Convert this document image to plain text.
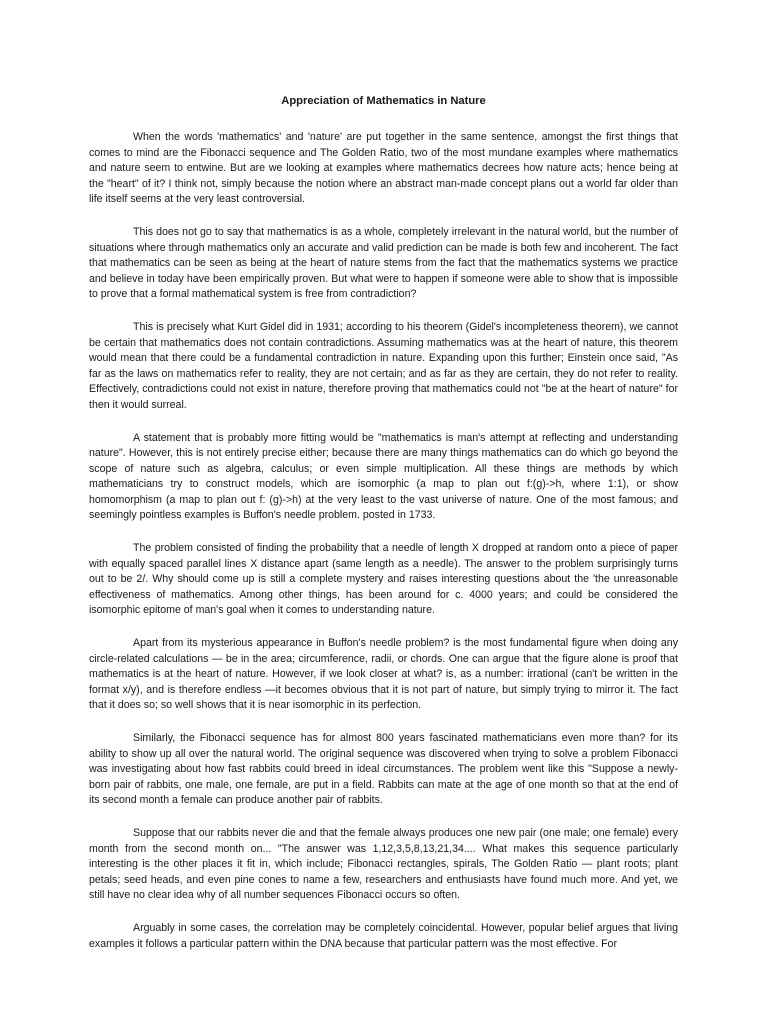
Appreciation of Mathematics in Nature

When the words 'mathematics' and 'nature' are put together in the same sentence, amongst the first things that comes to mind are the Fibonacci sequence and The Golden Ratio, two of the most mundane examples where mathematics and nature seem to entwine. But are we looking at examples where mathematics decrees how nature acts; hence being at the "heart" of it? I think not, simply because the notion where an abstract man-made concept plans out a world far older than life itself seems at the very least controversial.

This does not go to say that mathematics is as a whole, completely irrelevant in the natural world, but the number of situations where through mathematics only an accurate and valid prediction can be made is both few and incoherent. The fact that mathematics can be seen as being at the heart of nature stems from the fact that the mathematics systems we practice and believe in today have been empirically proven. But what were to happen if someone were able to show that is impossible to prove that a formal mathematical system is free from contradiction?

This is precisely what Kurt Gidel did in 1931; according to his theorem (Gidel's incompleteness theorem), we cannot be certain that mathematics does not contain contradictions. Assuming mathematics was at the heart of nature, this theorem would mean that there could be a fundamental contradiction in nature. Expanding upon this further; Einstein once said, "As far as the laws on mathematics refer to reality, they are not certain; and as far as they are certain, they do not refer to reality. Effectively, contradictions could not exist in nature, therefore proving that mathematics could not "be at the heart of nature" for then it would surreal.

A statement that is probably more fitting would be "mathematics is man's attempt at reflecting and understanding nature". However, this is not entirely precise either; because there are many things mathematics can do which go beyond the scope of nature such as algebra, calculus; or even simple multiplication. All these things are methods by which mathematicians try to construct models, which are isomorphic (a map to plan out f:(g)->h, where 1:1), or show homomorphism (a map to plan out f: (g)->h) at the very least to the vast universe of nature. One of the most famous; and seemingly pointless examples is Buffon's needle problem. posted in 1733.

The problem consisted of finding the probability that a needle of length X dropped at random onto a piece of paper with equally spaced parallel lines X distance apart (same length as a needle). The answer to the problem surprisingly turns out to be 2/. Why should come up is still a complete mystery and raises interesting questions about the 'the unreasonable effectiveness of mathematics. Among other things, has been around for c. 4000 years; and could be considered the isomorphic epitome of man's goal when it comes to understanding nature.

Apart from its mysterious appearance in Buffon's needle problem? is the most fundamental figure when doing any circle-related calculations — be in the area; circumference, radii, or chords. One can argue that the figure alone is proof that mathematics is at the heart of nature. However, if we look closer at what? is, as a number: irrational (can't be written in the format x/y), and is therefore endless —it becomes obvious that it is not part of nature, but simply trying to mirror it. The fact that it does so; so well shows that it is near isomorphic in its perfection.

Similarly, the Fibonacci sequence has for almost 800 years fascinated mathematicians even more than? for its ability to show up all over the natural world. The original sequence was discovered when trying to solve a problem Fibonacci was investigating about how fast rabbits could breed in ideal circumstances. The problem went like this "Suppose a newly-born pair of rabbits, one male, one female, are put in a field. Rabbits can mate at the age of one month so that at the end of its second month a female can produce another pair of rabbits.

Suppose that our rabbits never die and that the female always produces one new pair (one male; one female) every month from the second month on... "The answer was 1,12,3,5,8,13,21,34.... What makes this sequence particularly interesting is the other places it fit in, which include; Fibonacci rectangles, spirals, The Golden Ratio — plant roots; plant petals; seed heads, and even pine cones to name a few, researchers and enthusiasts have found much more. And yet, we still have no clear idea why of all number sequences Fibonacci occurs so often.

Arguably in some cases, the correlation may be completely coincidental. However, popular belief argues that living examples it follows a particular pattern within the DNA because that particular pattern was the most effective. For
